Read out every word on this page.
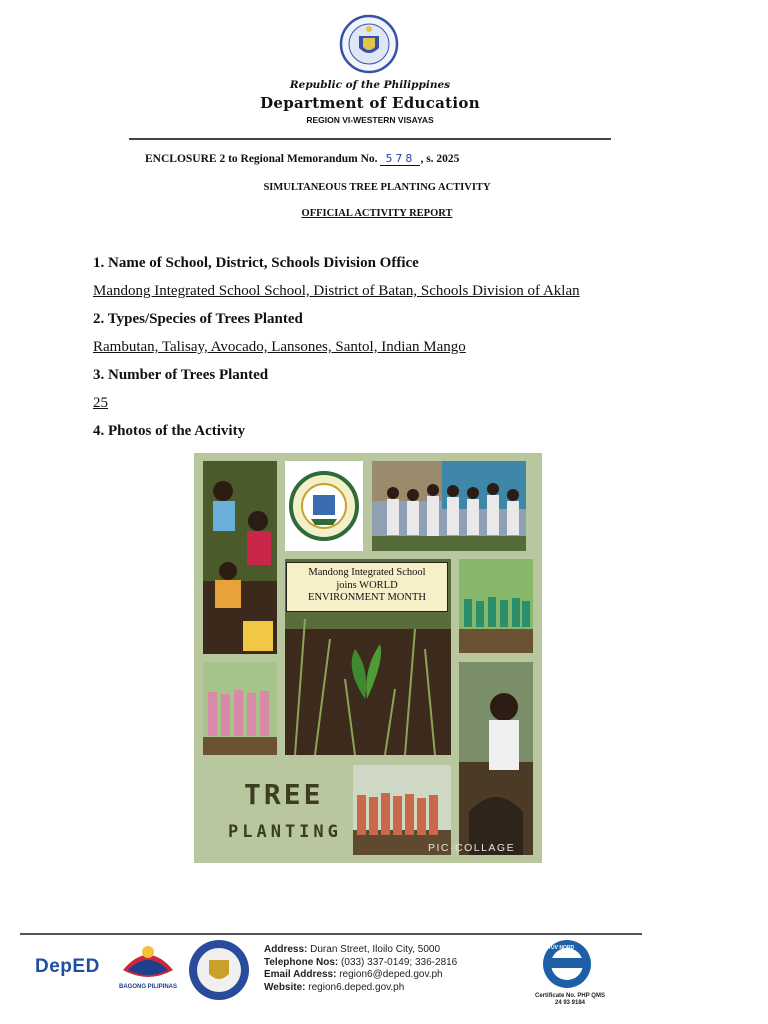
Republic of the Philippines
Department of Education
REGION VI-WESTERN VISAYAS
ENCLOSURE 2 to Regional Memorandum No. 578 , s. 2025
SIMULTANEOUS TREE PLANTING ACTIVITY
OFFICIAL ACTIVITY REPORT
1. Name of School, District, Schools Division Office
Mandong Integrated School School, District of Batan, Schools Division of Aklan
2. Types/Species of Trees Planted
Rambutan, Talisay, Avocado, Lansones, Santol, Indian Mango
3. Number of Trees Planted
25
4. Photos of the Activity
Mandong Integrated School
joins WORLD
ENVIRONMENT MONTH
TREE
PLANTING
PIC·COLLAGE
DepED
BAGONG PILIPINAS
Address: Duran Street, Iloilo City, 5000
Telephone Nos: (033) 337-0149; 336-2816
Email Address: region6@deped.gov.ph
Website: region6.deped.gov.ph
TÜV NORD
Certificate No. PHP QMS
24 93 9184
